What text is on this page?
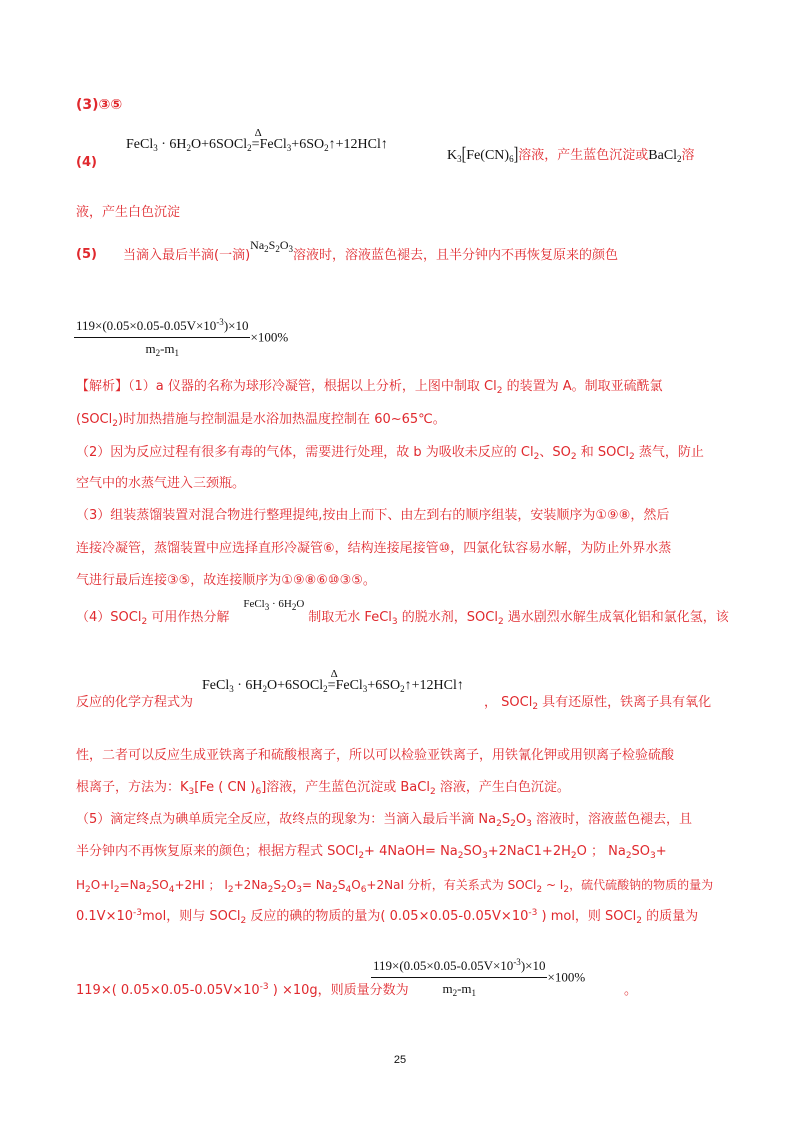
(3)③⑤
(4)
FeCl$_3$ · $6H_2O+6SOCl_2$
Δ
$=FeCl_3+6SO_2↑+12HCl↑$
$K_3[Fe(CN)_6]$溶液，产生蓝色沉淀或BaCl$_2$溶
液，产生白色沉淀
(5) 当滴入最后半滴(一滴)$Na_2S_2O_3$溶液时，溶液蓝色褪去，且半分钟内不再恢复原来的颜色
$\frac{119\times(0.05\times 0.05-0.05V\times 10^{-3})\times 10}{m_2-m_1} \times 100\%$
【解析】（1）a 仪器的名称为球形冷凝管，根据以上分析，上图中制取 $Cl_2$ 的装置为 A。制取亚硫酰氯
(SOCl$_2$)时加热措施与控制温是水浴加热温度控制在 60~65℃。
（2）因为反应过程有很多有毒的气体，需要进行处理，故 b 为吸收未反应的 $Cl_2$、$SO_2$ 和 SOCl$_2$ 蒸气，防止
空气中的水蒸气进入三颈瓶。
（3）组装蒸馏装置对混合物进行整理提纯,按由上而下、由左到右的顺序组装，安装顺序为①⑨⑧，然后
连接冷凝管，蒸馏装置中应选择直形冷凝管⑥，结构连接尾接管⑩，四氯化钛容易水解，为防止外界水蒸
气进行最后连接③⑤，故连接顺序为①⑨⑧⑥⑩③⑤。
（4）SOCl$_2$ 可用作热分解$^{FeCl_3 \cdot 6H_2O}$制取无水 FeCl$_3$ 的脱水剂，SOCl$_2$ 遇水剧烈水解生成氧化铝和氯化氢，该
反应的化学方程式为
FeCl$_3$ · $6H_2O+6SOCl_2$
Δ
$=FeCl_3+6SO_2↑+12HCl↑$
， SOCl$_2$ 具有还原性，铁离子具有氧化
性，二者可以反应生成亚铁离子和硫酸根离子，所以可以检验亚铁离子，用铁氰化钾或用钡离子检验硫酸
根离子，方法为：$K_3[Fe$ ( CN )$_6$]溶液，产生蓝色沉淀或 BaCl$_2$ 溶液，产生白色沉淀。
（5）滴定终点为碘单质完全反应，故终点的现象为：当滴入最后半滴 $Na_2S_2O_3$ 溶液时，溶液蓝色褪去，且
半分钟内不再恢复原来的颜色；根据方程式 SOCl$_2$+ 4NaOH= $Na_2SO_3+2NaC1+2H_2O$ ； $Na_2SO_3+$
$H_2O+I_2=Na_2SO_4+2HI$ ； $I_2+2Na_2S_2O_3= Na_2S_4O_6+2NaI$ 分析，有关系式为 SOCl$_2$ ~ $I_2$，硫代硫酸钠的物质的量为
$0.1V\times 10^{-3}mol$，则与 SOCl$_2$ 反应的碘的物质的量为( $0.05\times 0.05-0.05V\times 10^{-3}$ ) mol，则 SOCl$_2$ 的质量为
119×( $0.05\times 0.05-0.05V\times 10^{-3}$ ) ×10g，则质量分数为
$\frac{119\times(0.05\times 0.05-0.05V\times 10^{-3})\times 10}{m_2-m_1} \times 100\%$
。
25
